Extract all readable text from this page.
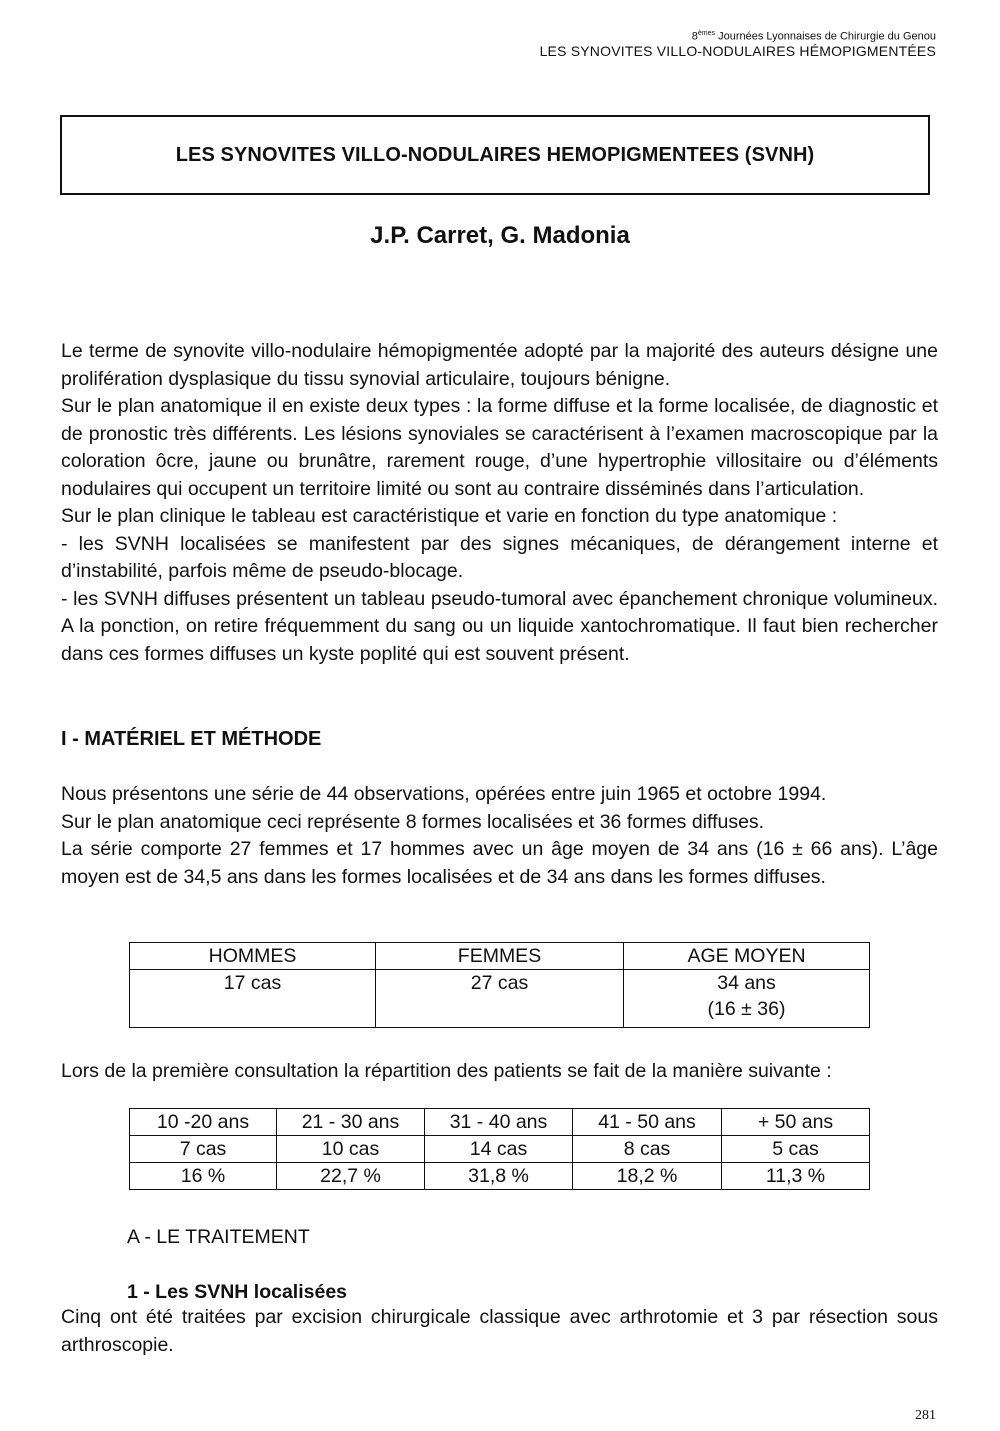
8èmes Journées Lyonnaises de Chirurgie du Genou
LES SYNOVITES VILLO-NODULAIRES HÉMOPIGMENTÉES
LES SYNOVITES VILLO-NODULAIRES HEMOPIGMENTEES (SVNH)
J.P. Carret, G. Madonia

Le terme de synovite villo-nodulaire hémopigmentée adopté par la majorité des auteurs désigne une prolifération dysplasique du tissu synovial articulaire, toujours bénigne.

Sur le plan anatomique il en existe deux types : la forme diffuse et la forme localisée, de diagnostic et de pronostic très différents. Les lésions synoviales se caractérisent à l’examen macroscopique par la coloration ôcre, jaune ou brunâtre, rarement rouge, d’une hypertrophie villositaire ou d’éléments nodulaires qui occupent un territoire limité ou sont au contraire disséminés dans l’articulation.

Sur le plan clinique le tableau est caractéristique et varie en fonction du type anatomique :

- les SVNH localisées se manifestent par des signes mécaniques, de dérangement interne et d’instabilité, parfois même de pseudo-blocage.

- les SVNH diffuses présentent un tableau pseudo-tumoral avec épanchement chronique volumineux. A la ponction, on retire fréquemment du sang ou un liquide xantochromatique. Il faut bien rechercher dans ces formes diffuses un kyste poplité qui est souvent présent.

I - MATÉRIEL ET MÉTHODE

Nous présentons une série de 44 observations, opérées entre juin 1965 et octobre 1994.

Sur le plan anatomique ceci représente 8 formes localisées et 36 formes diffuses.

La série comporte 27 femmes et 17 hommes avec un âge moyen de 34 ans (16 ± 66 ans). L’âge moyen est de 34,5 ans dans les formes localisées et de 34 ans dans les formes diffuses.

HOMMES	FEMMES	AGE MOYEN
17 cas	27 cas	34 ans
(16 ± 36)
Lors de la première consultation la répartition des patients se fait de la manière suivante :
10 -20 ans	21 - 30 ans	31 - 40 ans	41 - 50 ans	+ 50 ans
7 cas	10 cas	14 cas	8 cas	5 cas
16 %	22,7 %	31,8 %	18,2 %	11,3 %
A - LE TRAITEMENT
1 - Les SVNH localisées
Cinq ont été traitées par excision chirurgicale classique avec arthrotomie et 3 par résection sous arthroscopie.
281
